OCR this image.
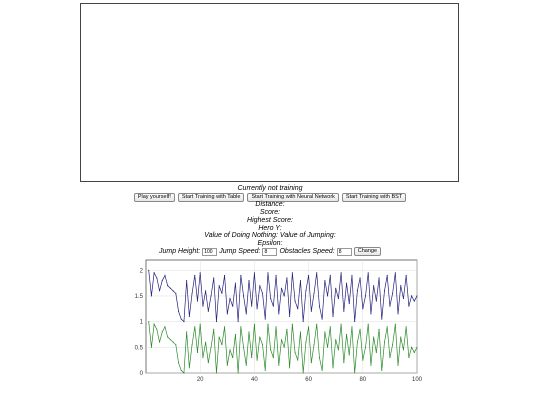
Currently not training
Play yourself!	Start Training with Table	Start Training with Neural Network	Start Training with BST
Distance:
Score:
Highest Score:
Hero Y:
Value of Doing Nothing: Value of Jumping:
Epsilon:
Jump Height:
100	Jump Speed:
8	Obstacles Speed:
8	Change
20	40	60	80	100
0
0.5
1
1.5
2
